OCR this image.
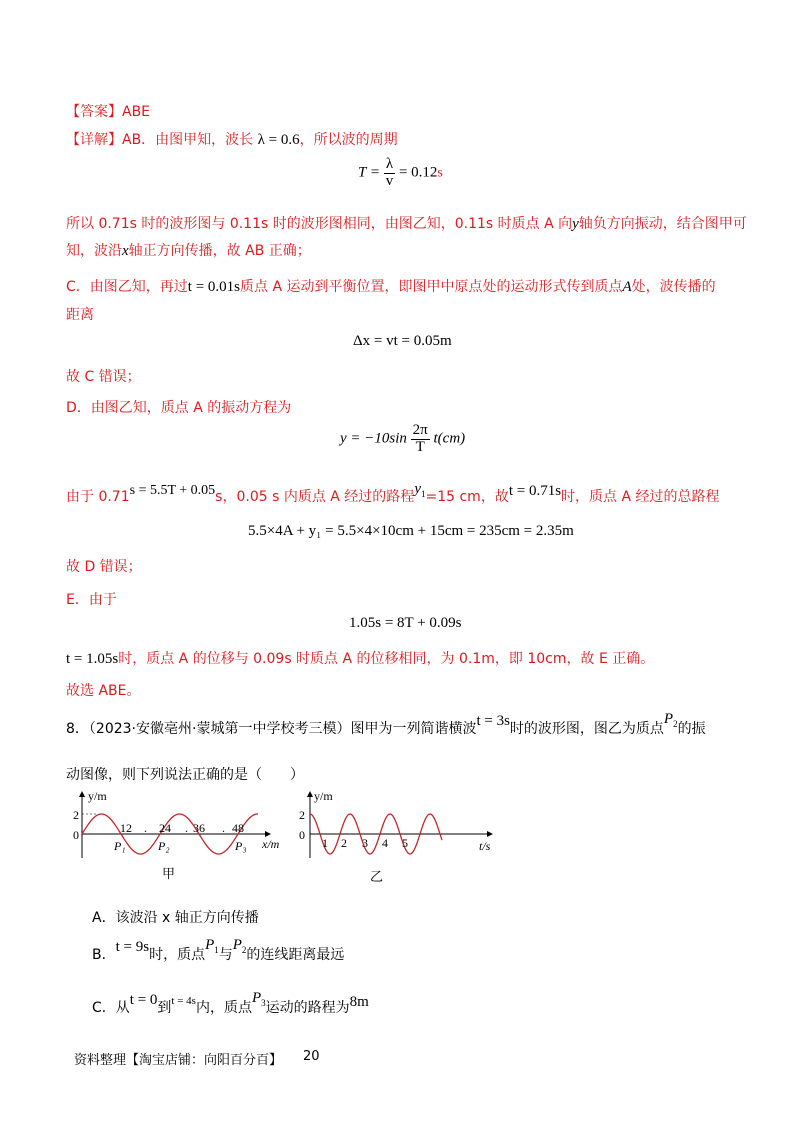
【答案】ABE
【详解】AB．由图甲知，波长 λ = 0.6，所以波的周期
$T = \frac{\lambda}{v} = 0.12s$
所以 0.71s 时的波形图与 0.11s 时的波形图相同，由图乙知，0.11s 时质点 A 向y轴负方向振动，结合图甲可
知，波沿x轴正方向传播，故 AB 正确；
C．由图乙知，再过t = 0.01s质点 A 运动到平衡位置，即图甲中原点处的运动形式传到质点A处，波传播的
距离
Δx = vt = 0.05m
故 C 错误；
D．由图乙知，质点 A 的振动方程为
$y = -10\sin \frac{2\pi}{T} t(cm)$
由于 0.71s = 5.5T + 0.05s，0.05 s 内质点 A 经过的路程$y_1=15$ cm，故t = 0.71s时，质点 A 经过的总路程
5.5×4A + y₁ = 5.5×4×10cm + 15cm = 235cm = 2.35m
故 D 错误；
E．由于
1.05s = 8T + 0.09s
t = 1.05s时，质点 A 的位移与 0.09s 时质点 A 的位移相同，为 0.1m，即 10cm，故 E 正确。
故选 ABE。
8．（2023·安徽亳州·蒙城第一中学校考三模）图甲为一列简谐横波t = 3s时的波形图，图乙为质点$P_2$的振
动图像，则下列说法正确的是（　　）
y/m
2
0	12 24 36 48
.	.	.
P₁	P₂	P₃ x/m
甲
y/m
2
0
1 2 3 4 5	t/s
乙
A．该波沿 x 轴正方向传播
B．t = 9s时，质点$P_1$与$P_2$的连线距离最远
C．从t = 0到$^{t = 4s}$内，质点$P_3$运动的路程为8m
资料整理【淘宝店铺：向阳百分百】 20
